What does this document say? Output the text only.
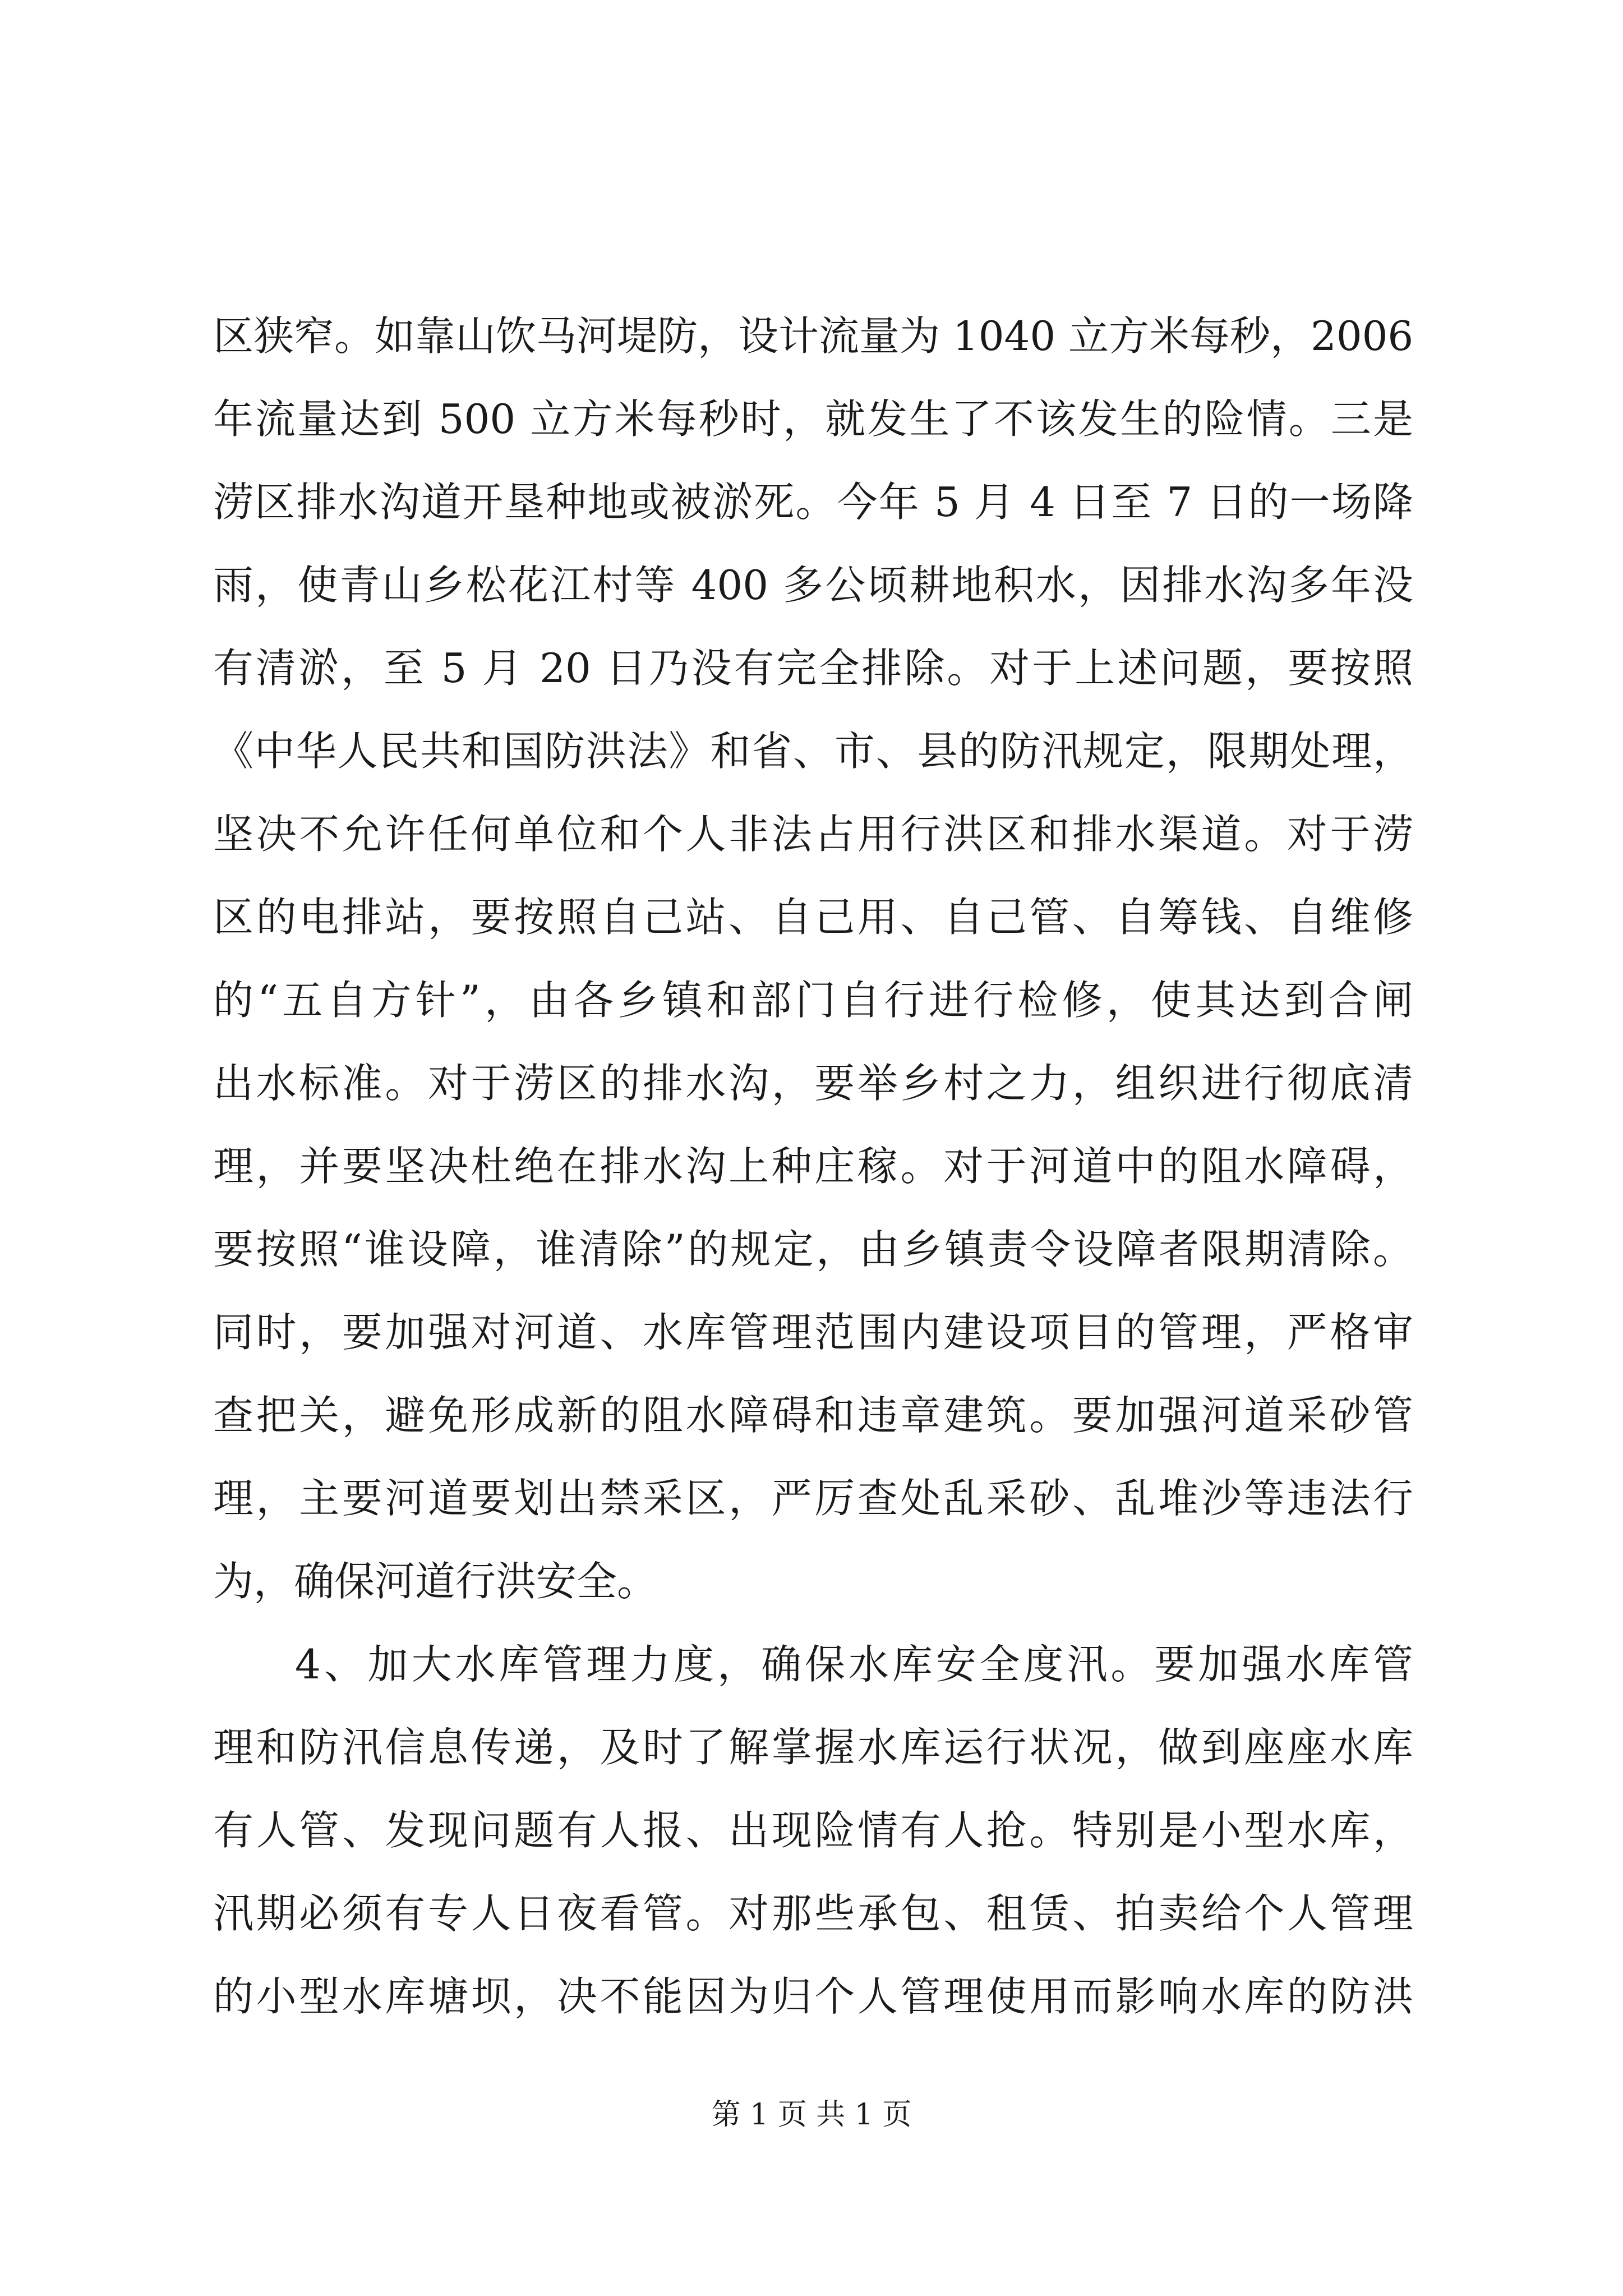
区狭窄。如靠山饮马河堤防，设计流量为 1040 立方米每秒，2006
年流量达到 500 立方米每秒时，就发生了不该发生的险情。三是
涝区排水沟道开垦种地或被淤死。今年 5 月 4 日至 7 日的一场降
雨，使青山乡松花江村等 400 多公顷耕地积水，因排水沟多年没
有清淤，至 5 月 20 日乃没有完全排除。对于上述问题，要按照
《中华人民共和国防洪法》和省、市、县的防汛规定，限期处理，
坚决不允许任何单位和个人非法占用行洪区和排水渠道。对于涝
区的电排站，要按照自己站、自己用、自己管、自筹钱、自维修
的“五自方针”，由各乡镇和部门自行进行检修，使其达到合闸
出水标准。对于涝区的排水沟，要举乡村之力，组织进行彻底清
理，并要坚决杜绝在排水沟上种庄稼。对于河道中的阻水障碍，
要按照“谁设障，谁清除”的规定，由乡镇责令设障者限期清除。
同时，要加强对河道、水库管理范围内建设项目的管理，严格审
查把关，避免形成新的阻水障碍和违章建筑。要加强河道采砂管
理，主要河道要划出禁采区，严厉查处乱采砂、乱堆沙等违法行
为，确保河道行洪安全。
4、加大水库管理力度，确保水库安全度汛。要加强水库管
理和防汛信息传递，及时了解掌握水库运行状况，做到座座水库
有人管、发现问题有人报、出现险情有人抢。特别是小型水库，
汛期必须有专人日夜看管。对那些承包、租赁、拍卖给个人管理
的小型水库塘坝，决不能因为归个人管理使用而影响水库的防洪
第 1 页 共 1 页
